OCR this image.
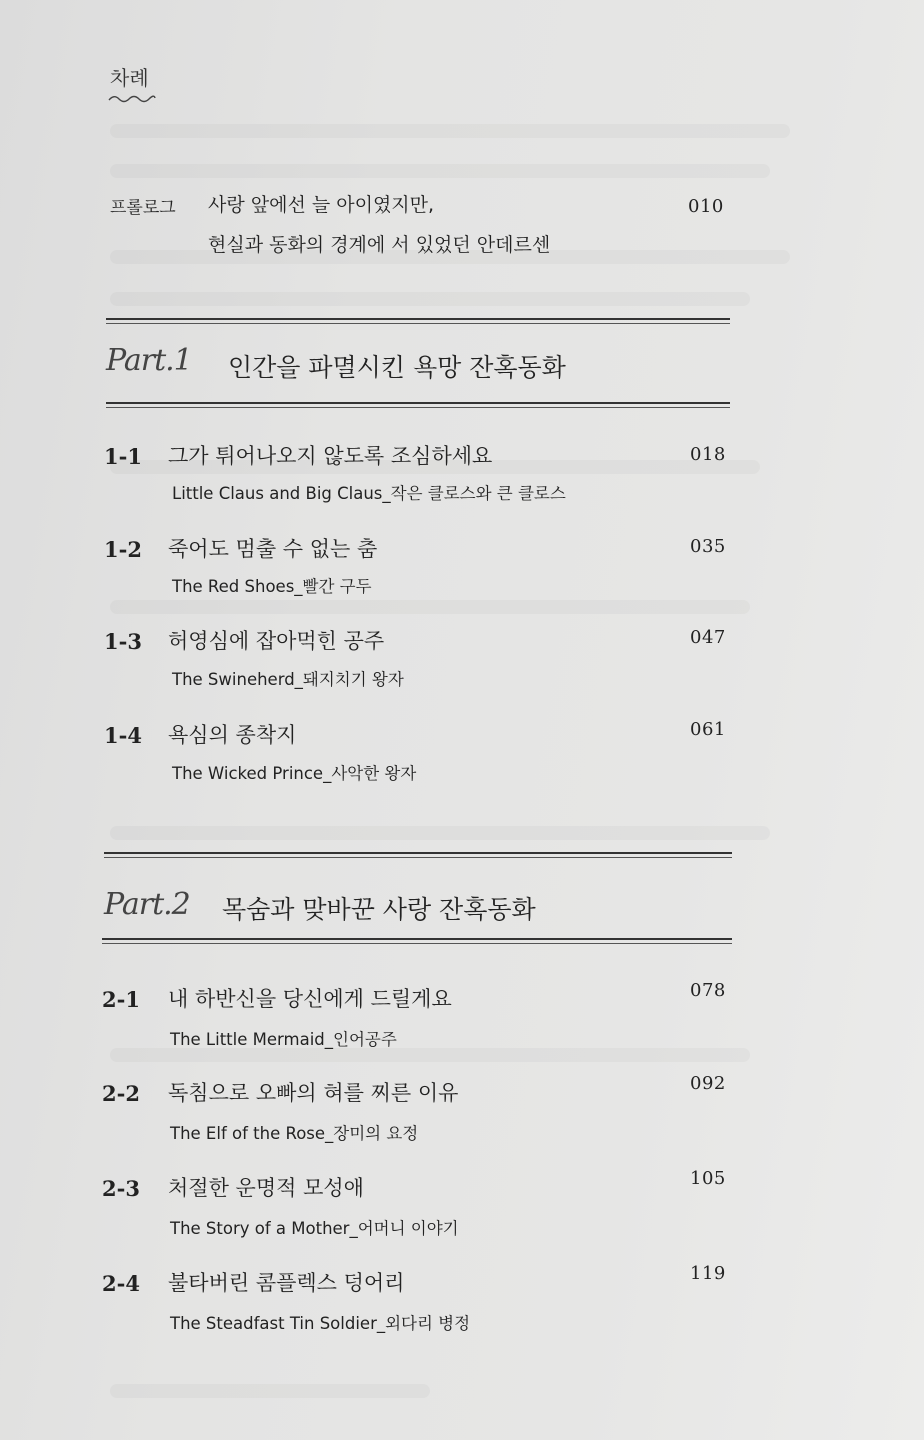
차례
프롤로그 사랑 앞에선 늘 아이였지만,
현실과 동화의 경계에 서 있었던 안데르센
010
Part.1 인간을 파멸시킨 욕망 잔혹동화
1-1 그가 튀어나오지 않도록 조심하세요
Little Claus and Big Claus_작은 클로스와 큰 클로스
018
1-2 죽어도 멈출 수 없는 춤
The Red Shoes_빨간 구두
035
1-3 허영심에 잡아먹힌 공주
The Swineherd_돼지치기 왕자
047
1-4 욕심의 종착지
The Wicked Prince_사악한 왕자
061
Part.2 목숨과 맞바꾼 사랑 잔혹동화
2-1 내 하반신을 당신에게 드릴게요
The Little Mermaid_인어공주
078
2-2 독침으로 오빠의 혀를 찌른 이유
The Elf of the Rose_장미의 요정
092
2-3 처절한 운명적 모성애
The Story of a Mother_어머니 이야기
105
2-4 불타버린 콤플렉스 덩어리
The Steadfast Tin Soldier_외다리 병정
119
